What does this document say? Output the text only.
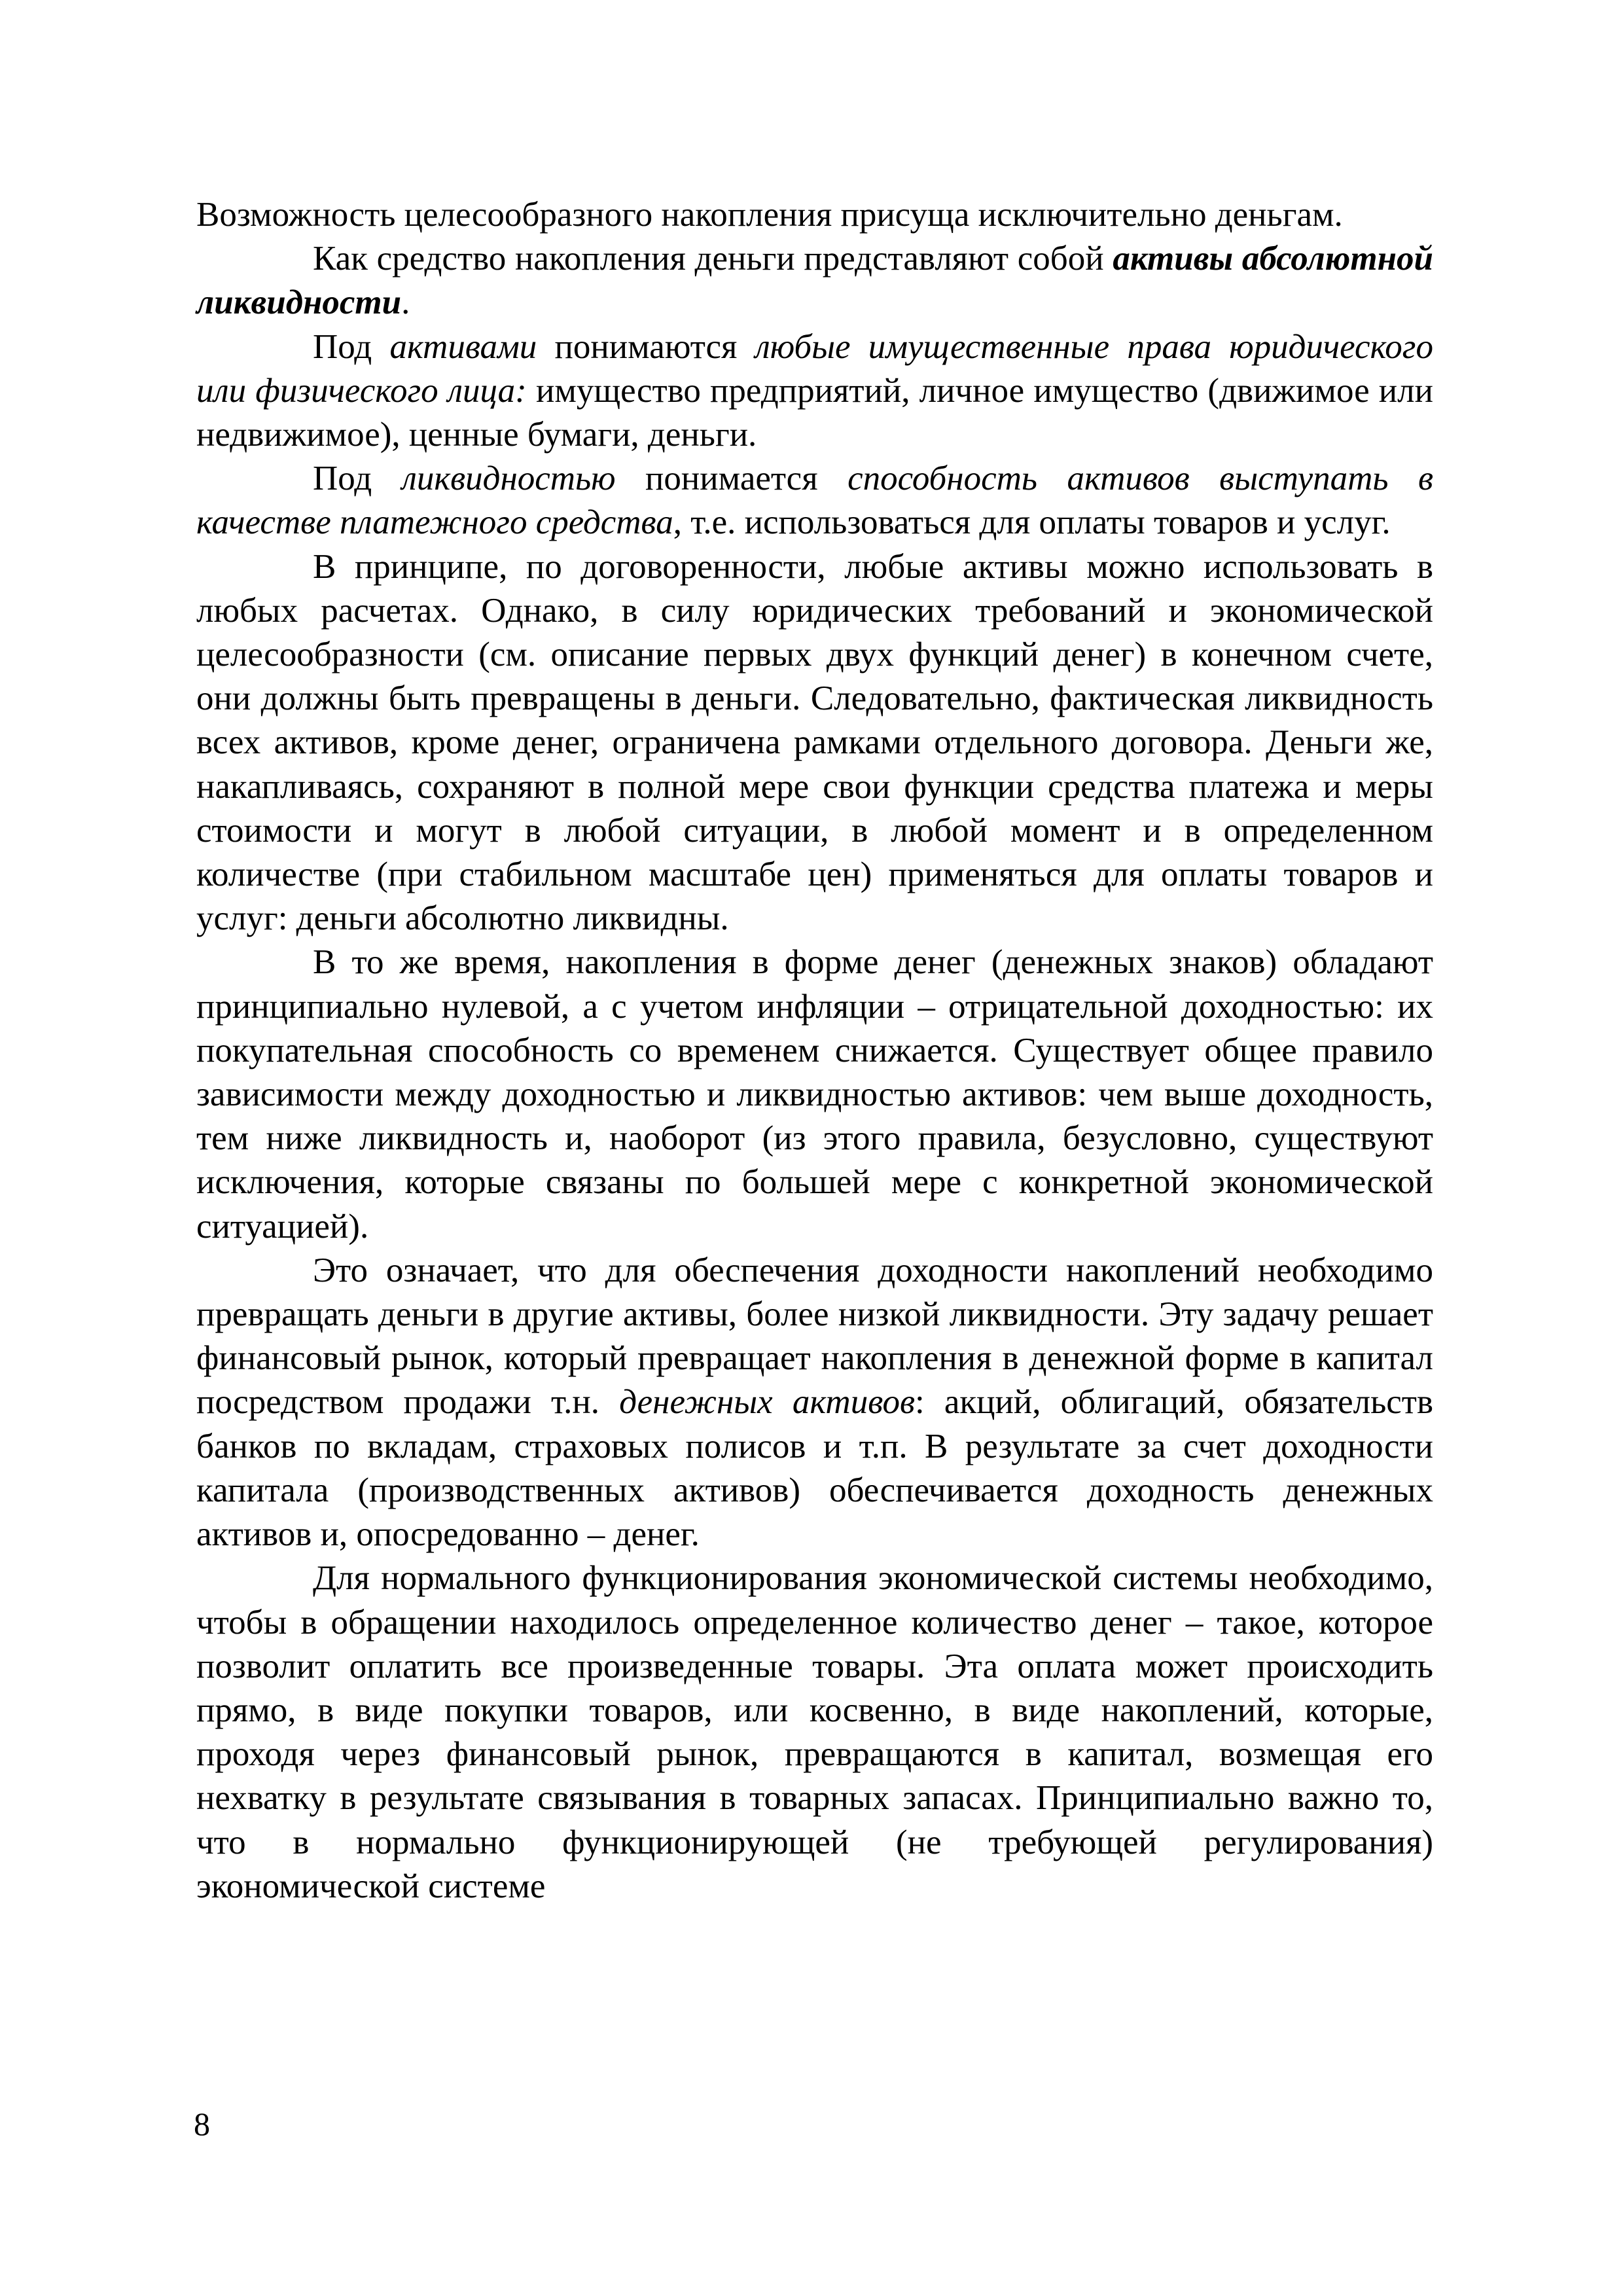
Возможность целесообразного накопления присуща исключительно деньгам.

Как средство накопления деньги представляют собой активы абсолютной ликвидности.

Под активами понимаются любые имущественные права юридического или физического лица: имущество предприятий, личное имущество (движимое или недвижимое), ценные бумаги, деньги.

Под ликвидностью понимается способность активов выступать в качестве платежного средства, т.е. использоваться для оплаты товаров и услуг.

В принципе, по договоренности, любые активы можно использовать в любых расчетах. Однако, в силу юридических требований и экономической целесообразности (см. описание первых двух функций денег) в конечном счете, они должны быть превращены в деньги. Следовательно, фактическая ликвидность всех активов, кроме денег, ограничена рамками отдельного договора. Деньги же, накапливаясь, сохраняют в полной мере свои функции средства платежа и меры стоимости и могут в любой ситуации, в любой момент и в определенном количестве (при стабильном масштабе цен) применяться для оплаты товаров и услуг: деньги абсолютно ликвидны.

В то же время, накопления в форме денег (денежных знаков) обладают принципиально нулевой, а с учетом инфляции – отрицательной доходностью: их покупательная способность со временем снижается. Существует общее правило зависимости между доходностью и ликвидностью активов: чем выше доходность, тем ниже ликвидность и, наоборот (из этого правила, безусловно, существуют исключения, которые связаны по большей мере с конкретной экономической ситуацией).

Это означает, что для обеспечения доходности накоплений необходимо превращать деньги в другие активы, более низкой ликвидности. Эту задачу решает финансовый рынок, который превращает накопления в денежной форме в капитал посредством продажи т.н. денежных активов: акций, облигаций, обязательств банков по вкладам, страховых полисов и т.п. В результате за счет доходности капитала (производственных активов) обеспечивается доходность денежных активов и, опосредованно – денег.

Для нормального функционирования экономической системы необходимо, чтобы в обращении находилось определенное количество денег – такое, которое позволит оплатить все произведенные товары. Эта оплата может происходить прямо, в виде покупки товаров, или косвенно, в виде накоплений, которые, проходя через финансовый рынок, превращаются в капитал, возмещая его нехватку в результате связывания в товарных запасах. Принципиально важно то, что в нормально функционирующей (не требующей регулирования) экономической системе

8
